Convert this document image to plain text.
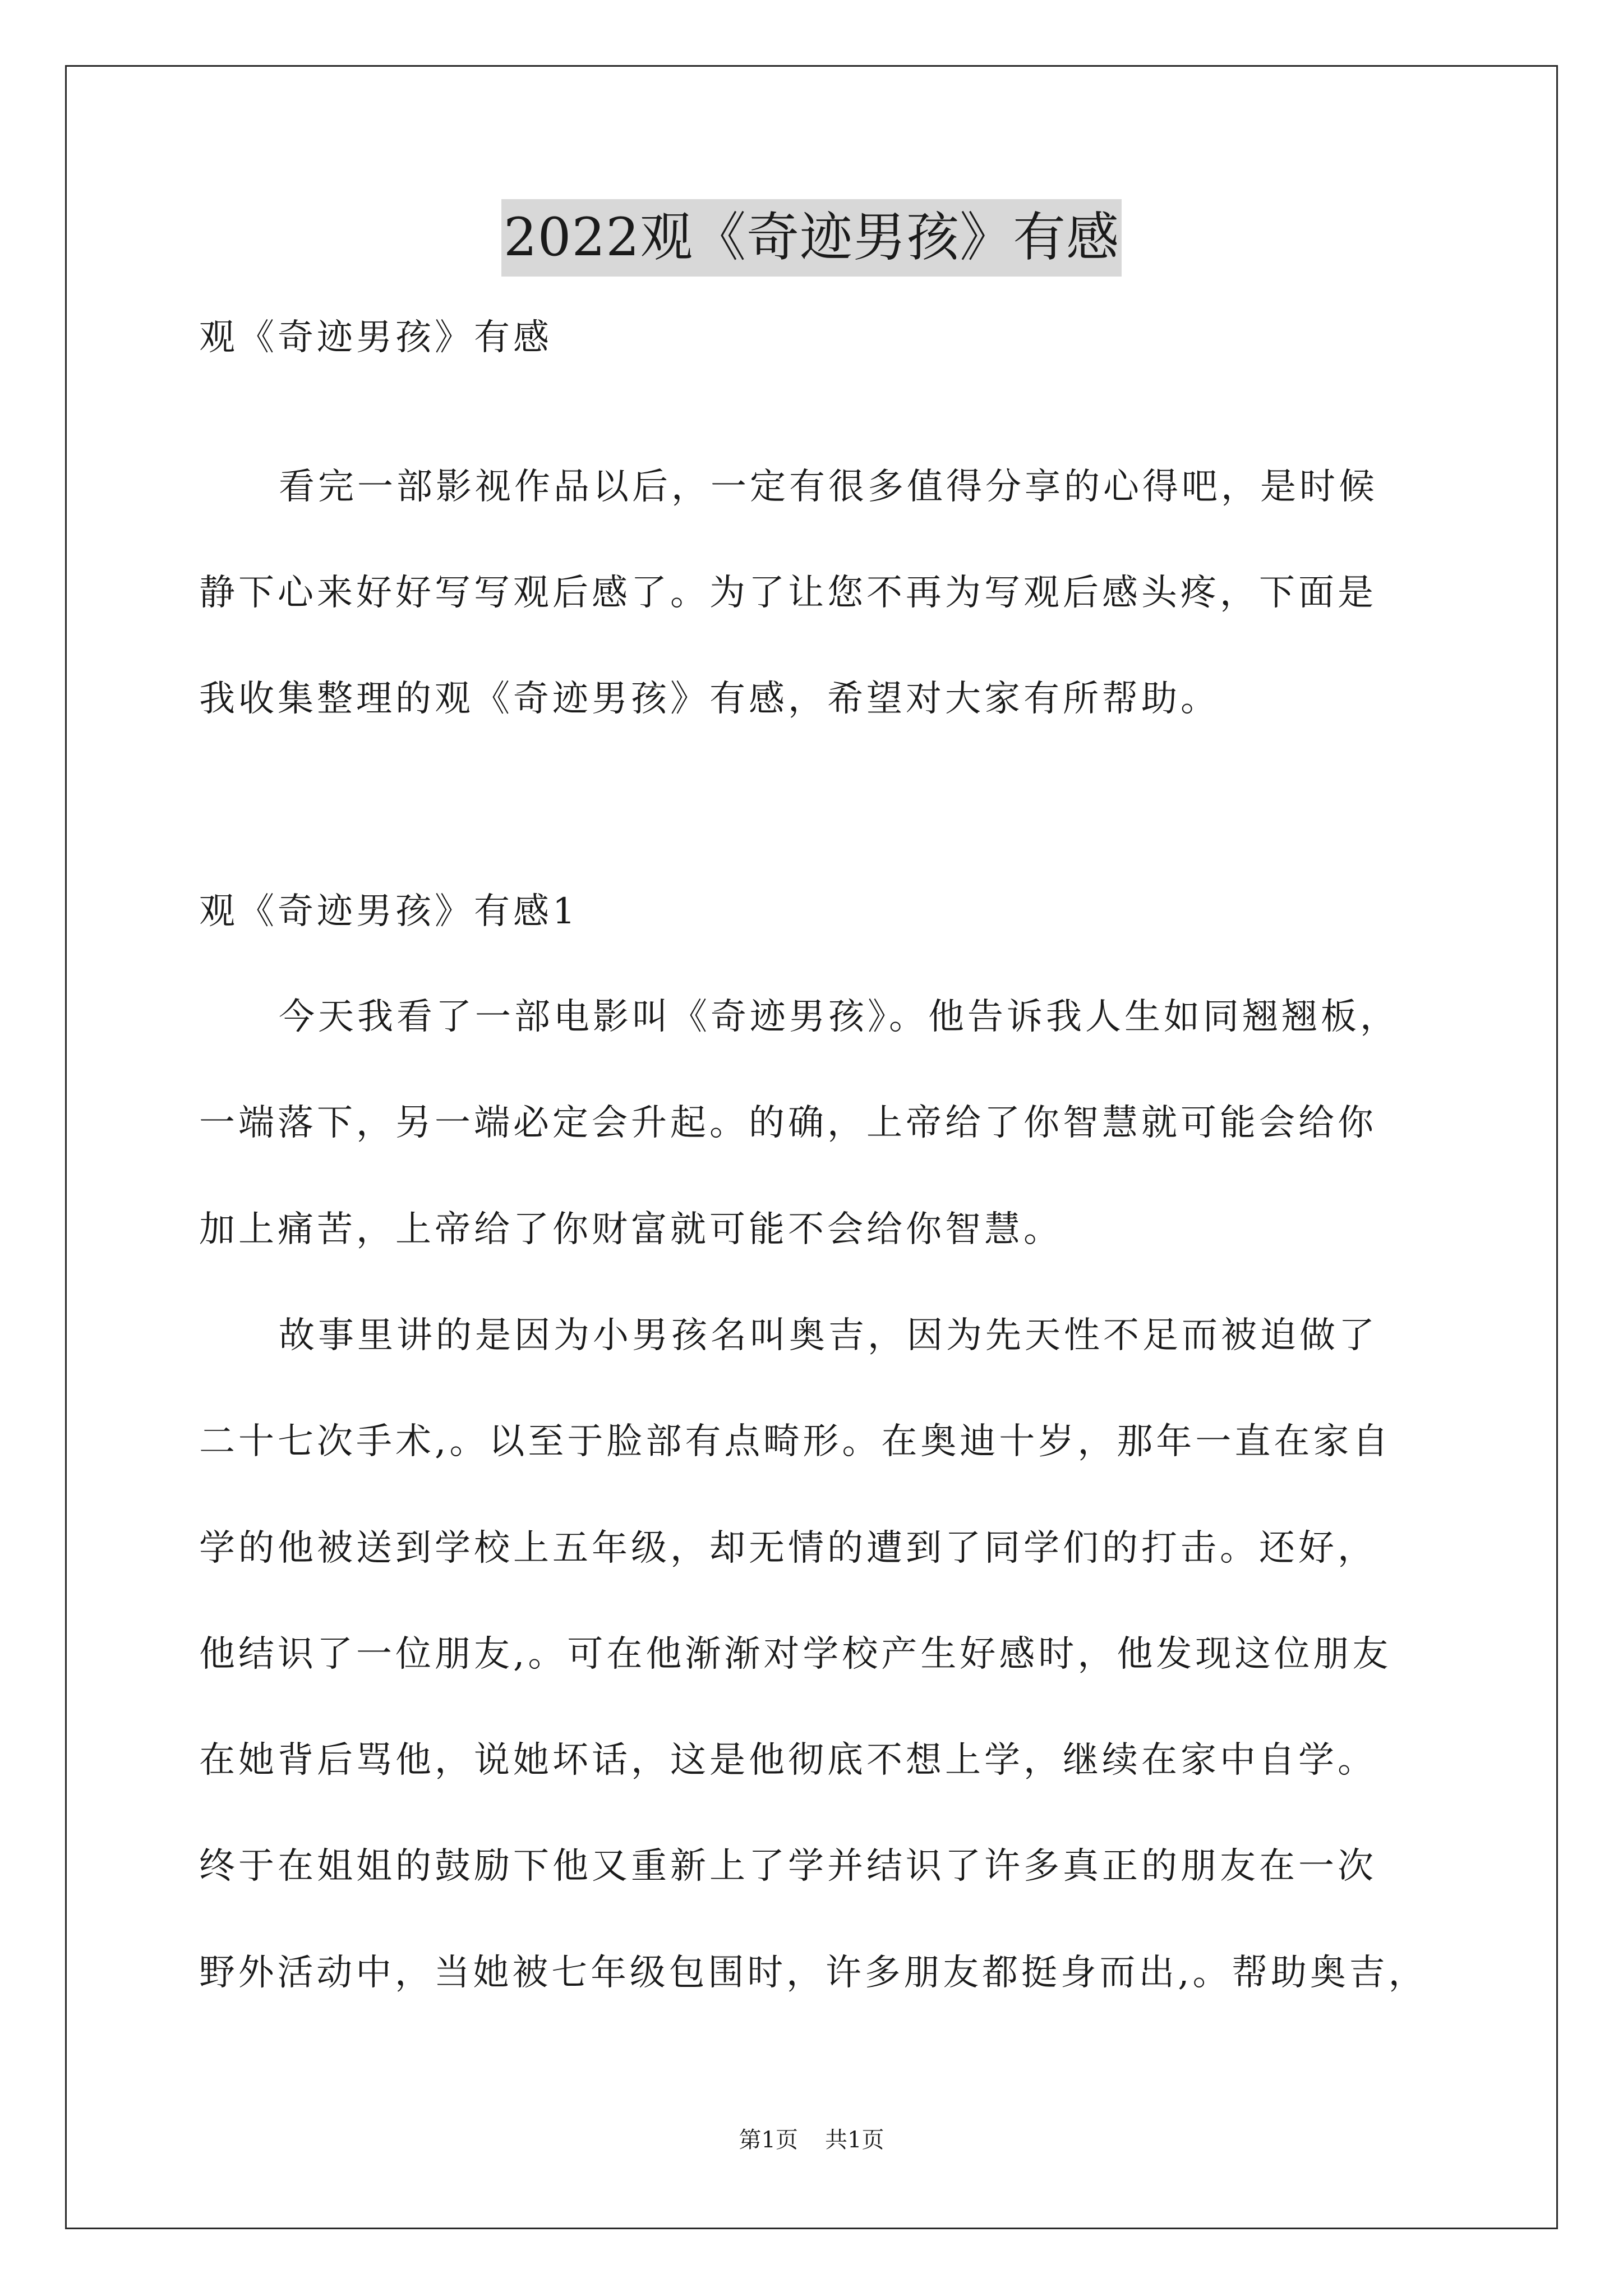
2022观《奇迹男孩》有感
观《奇迹男孩》有感
看完一部影视作品以后，一定有很多值得分享的心得吧，是时候
静下心来好好写写观后感了。为了让您不再为写观后感头疼，下面是
我收集整理的观《奇迹男孩》有感，希望对大家有所帮助。
观《奇迹男孩》有感1
今天我看了一部电影叫《奇迹男孩》。他告诉我人生如同翘翘板，
一端落下，另一端必定会升起。的确，上帝给了你智慧就可能会给你
加上痛苦，上帝给了你财富就可能不会给你智慧。
故事里讲的是因为小男孩名叫奥吉，因为先天性不足而被迫做了
二十七次手术,。以至于脸部有点畸形。在奥迪十岁，那年一直在家自
学的他被送到学校上五年级，却无情的遭到了同学们的打击。还好，
他结识了一位朋友,。可在他渐渐对学校产生好感时，他发现这位朋友
在她背后骂他，说她坏话，这是他彻底不想上学，继续在家中自学。
终于在姐姐的鼓励下他又重新上了学并结识了许多真正的朋友在一次
野外活动中，当她被七年级包围时，许多朋友都挺身而出,。帮助奥吉，
第1页 共1页
